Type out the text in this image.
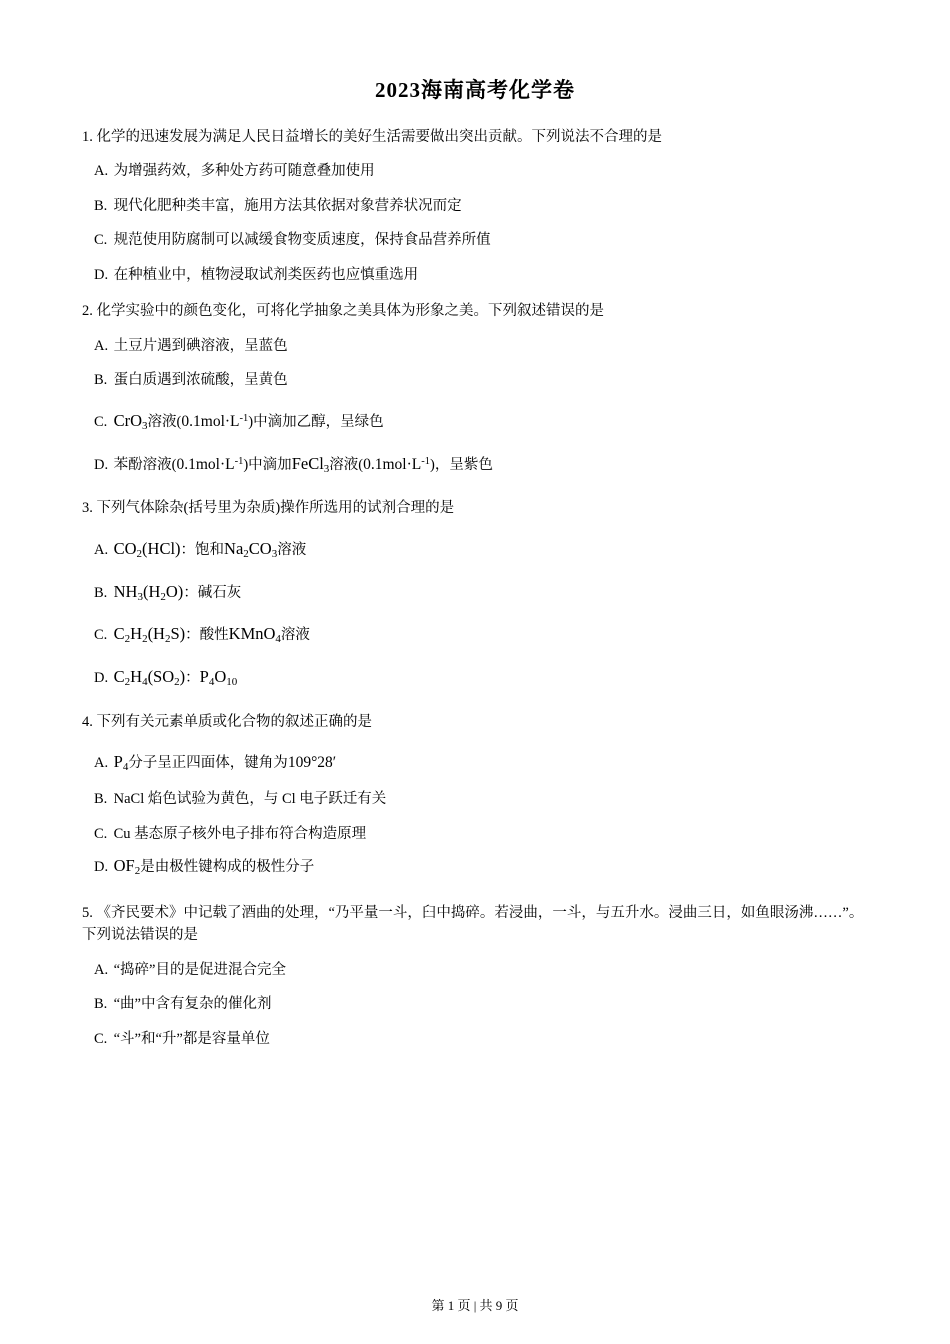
2023海南高考化学卷
1. 化学的迅速发展为满足人民日益增长的美好生活需要做出突出贡献。下列说法不合理的是
A. 为增强药效，多种处方药可随意叠加使用
B. 现代化肥种类丰富，施用方法其依据对象营养状况而定
C. 规范使用防腐制可以减缓食物变质速度，保持食品营养所值
D. 在种植业中，植物浸取试剂类医药也应慎重选用
2. 化学实验中的颜色变化，可将化学抽象之美具体为形象之美。下列叙述错误的是
A. 土豆片遇到碘溶液，呈蓝色
B. 蛋白质遇到浓硫酸，呈黄色
C. CrO$_3$溶液$(0.1mol\cdot L^{-1})$中滴加乙醇，呈绿色
D. 苯酚溶液$(0.1mol\cdot L^{-1})$中滴加FeCl$_3$溶液$(0.1mol\cdot L^{-1})$，呈紫色
3. 下列气体除杂(括号里为杂质)操作所选用的试剂合理的是
A. $CO_2(HCl)$：饱和$Na_2CO_3$溶液
B. $NH_3(H_2O)$：碱石灰
C. $C_2H_2(H_2S)$：酸性KMnO$_4$溶液
D. $C_2H_4(SO_2)$：$P_4O_{10}$
4. 下列有关元素单质或化合物的叙述正确的是
A. $P_4$分子呈正四面体，键角为109°28′
B. NaCl 焰色试验为黄色，与 Cl 电子跃迁有关
C. Cu 基态原子核外电子排布符合构造原理
D. $OF_2$是由极性键构成的极性分子
5. 《齐民要术》中记载了酒曲的处理，“乃平量一斗，臼中捣碎。若浸曲，一斗，与五升水。浸曲三日，如鱼眼汤沸……”。下列说法错误的是
A. “捣碎”目的是促进混合完全
B. “曲”中含有复杂的催化剂
C. “斗”和“升”都是容量单位
第 1 页 | 共 9 页
